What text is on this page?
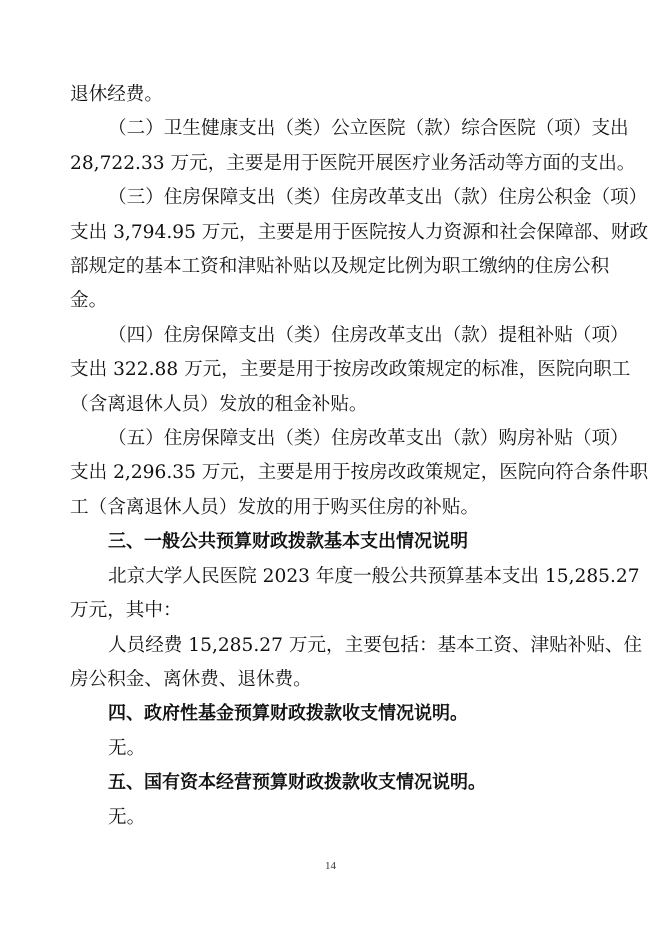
退休经费。
（二）卫生健康支出（类）公立医院（款）综合医院（项）支出
28,722.33 万元，主要是用于医院开展医疗业务活动等方面的支出。
（三）住房保障支出（类）住房改革支出（款）住房公积金（项）
支出 3,794.95 万元，主要是用于医院按人力资源和社会保障部、财政
部规定的基本工资和津贴补贴以及规定比例为职工缴纳的住房公积
金。
（四）住房保障支出（类）住房改革支出（款）提租补贴（项）
支出 322.88 万元，主要是用于按房改政策规定的标准，医院向职工
（含离退休人员）发放的租金补贴。
（五）住房保障支出（类）住房改革支出（款）购房补贴（项）
支出 2,296.35 万元，主要是用于按房改政策规定，医院向符合条件职
工（含离退休人员）发放的用于购买住房的补贴。
三、一般公共预算财政拨款基本支出情况说明
北京大学人民医院 2023 年度一般公共预算基本支出 15,285.27
万元，其中：
人员经费 15,285.27 万元，主要包括：基本工资、津贴补贴、住
房公积金、离休费、退休费。
四、政府性基金预算财政拨款收支情况说明。
无。
五、国有资本经营预算财政拨款收支情况说明。
无。
14
